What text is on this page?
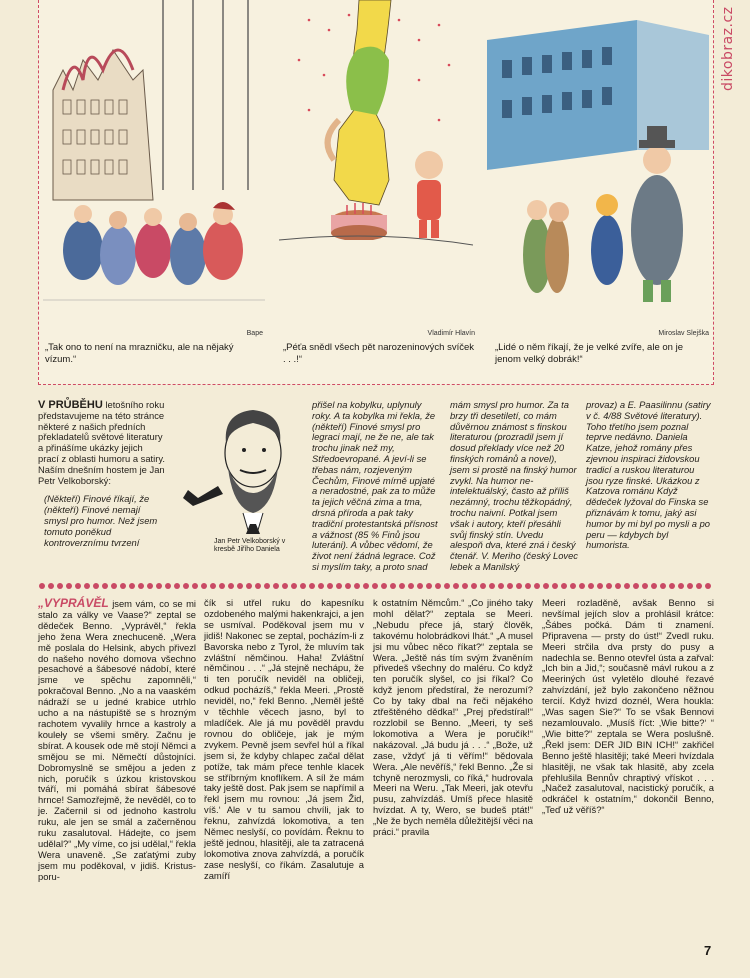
dikobraz.cz
Bape
„Tak ono to není na mrazničku, ale na nějaký vízum.“
Vladimír Hlavín
„Péťa snědl všech pět narozeninových svíček . . .!“
Miroslav Slejška
„Lidé o něm říkají, že je velké zvíře, ale on je jenom velký dobrák!“
V PRŮBĚHU letošního roku představujeme na této stránce některé z našich předních překladatelů světové literatury a přinášíme ukázky jejich prací z oblasti humoru a satiry. Naším dnešním hostem je Jan Petr Velkoborský:
(Někteří) Finové říkají, že (někteří) Finové nemají smysl pro humor. Než jsem tomuto poněkud kontroverznímu tvrzení	Jan Petr Velkoborský v kresbě Jiřího Daniela
přišel na kobylku, uplynuly roky. A ta kobylka mi řekla, že (někteří) Finové smysl pro legraci mají, ne že ne, ale tak trochu jinak než my, Středoevropané. A jeví-li se třebas nám, rozjeveným Čechům, Finové mírně upjaté a neradostné, pak za to může ta jejich věčná zima a tma, drsná příroda a pak taky tradiční protestantská přísnost a vážnost (85 % Finů jsou luteráni). A vůbec vědomí, že život není žádná legrace. Což si myslím taky, a proto snad
mám smysl pro humor. Za ta brzy tři desetiletí, co mám důvěrnou známost s finskou literaturou (prozradil jsem jí dosud překlady více než 20 finských románů a novel), jsem si prostě na finský humor zvykl. Na humor ne-intelektuálský, často až příliš nezámný, trochu těžkopádný, trochu naivní. Potkal jsem však i autory, kteří přesáhli svůj finský stín. Uvedu alespoň dva, které zná i český čtenář. V. Meriho (český Lovec lebek a Manilský
provaz) a E. Paasilinnu (satiry v č. 4/88 Světové literatury). Toho třetího jsem poznal teprve nedávno. Daniela Katze, jehož romány přes zjevnou inspiraci židovskou tradicí a ruskou literaturou jsou ryze finské. Ukázkou z Katzova románu Když dědeček lyžoval do Finska se přiznávám k tomu, jaký asi humor by mi byl po mysli a po peru — kdybych byl humorista.
„VYPRÁVĚL jsem vám, co se mi stalo za války ve Vaase?“ zeptal se dědeček Benno. „Vyprávěl,“ řekla jeho žena Wera znechuceně. „Wera mě poslala do Helsink, abych přivezl do našeho nového domova všechno pesachové a šábesové nádobí, které jsme ve spěchu zapomněli,“ pokračoval Benno. „No a na vaaském nádraží se u jedné krabice utrhlo ucho a na nástupiště se s hrozným rachotem vyvalily hrnce a kastroly a kouleły se všemi směry. Začnu je sbírat. A kousek ode mě stojí Němci a smějou se mi. Němečtí důstojníci. Dobromyslně se smějou a jeden z nich, poručík s úzkou kristovskou tváří, mi pomáhá sbírat šábesové hrnce! Samozřejmě, že nevěděl, co to je. Začernil si od jednoho kastrolu ruku, ale jen se smál a začerněnou ruku zasalutoval. Hádejte, co jsem udělal?“ „My víme, co jsi udělal,“ řekla Wera unaveně. „Se zaťatými zuby jsem mu poděkoval, v jidiš. Kristus-poru-
čík si utřel ruku do kapesníku ozdobeného malými hakenkrajci, a jen se usmíval. Poděkoval jsem mu v jidiš! Nakonec se zeptal, pocházím-li z Bavorska nebo z Tyrol, že mluvím tak zvláštní němčinou. Haha! Zvláštní němčinou . . .“ „Já stejně nechápu, že ti ten poručík neviděl na obličeji, odkud pocházíš,“ řekla Meeri. „Prostě neviděl, no,“ řekl Benno. „Neměl ještě v těchhle věcech jasno, byl to mladíček. Ale já mu pověděl pravdu rovnou do obličeje, jak je mým zvykem. Pevně jsem sevřel húl a říkal jsem si, že kdyby chlapec začal dělat potíže, tak mám přece tenhle klacek se stříbrným knoflíkem. A síl že mám taky ještě dost. Pak jsem se napřímil a řekl jsem mu rovnou: ‚Já jsem Žid, víš.‘ Ale v tu samou chvíli, jak to řeknu, zahvízdá lokomotiva, a ten Němec neslyší, co povídám. Řeknu to ještě jednou, hlasitěji, ale ta zatracená lokomotiva znova zahvízdá, a poručík zase neslyší, co říkám. Zasalutuje a zamíří
k ostatním Němcům.“ „Co jiného taky mohl dělat?“ zeptala se Meeri. „Nebudu přece já, starý člověk, takovému holobrádkovi lhát.“ „A musel jsi mu vůbec něco říkat?“ zeptala se Wera. „Ještě nás tím svým žvaněním přivedeš všechny do maléru. Co když ten poručík slyšel, co jsi říkal? Co když jenom předstíral, že nerozumí? Co by taky dbal na řeči nějakého ztřeštěného dědka!“ „Prej předstíral!“ rozzlobil se Benno. „Meeri, ty seš lokomotiva a Wera je poručík!“ nakázoval. „Já budu já . . .“ „Bože, už zase, vždyť já ti věřím!“ bědovala Wera. „Ale nevěříš,“ řekl Benno. „Že si tchyně nerozmysli, co říká,“ hudrovala Meeri na Weru. „Tak Meeri, jak otevřu pusu, zahvízdáš. Umíš přece hlasitě hvízdat. A ty, Wero, se budeš ptát!“ „Ne že bych neměla důležitější věci na práci.“ pravila
Meeri rozladěně, avšak Benno si nevšímal jejích slov a prohlásil krátce: „Šábes počká. Dám ti znamení. Připravena — prsty do úst!“ Zvedl ruku. Meeri strčila dva prsty do pusy a nadechla se. Benno otevřel ústa a zařval: „Ich bin a Jid,“; současně mávl rukou a z Meeriných úst vyletělo dlouhé řezavé zahvízdání, jež bylo zakončeno něžnou tercií. Když hvizd doznél, Wera houkla: „Was sagen Sie?“ To se však Bennovi nezamlouvalo. „Musíš říct: ‚Wie bitte?‘ “ „Wie bitte?“ zeptala se Wera poslušně. „Řekl jsem: DER JID BIN ICH!“ zakřičel Benno ještě hlasitěji; také Meeri hvízdala hlasitěji, ne však tak hlasitě, aby zcela přehlušila Bennův chraptivý vřískot . . . „Načež zasalutoval, nacistický poručík, a odkráčel k ostatním,“ dokončil Benno, „Teď už věříš?“
7
